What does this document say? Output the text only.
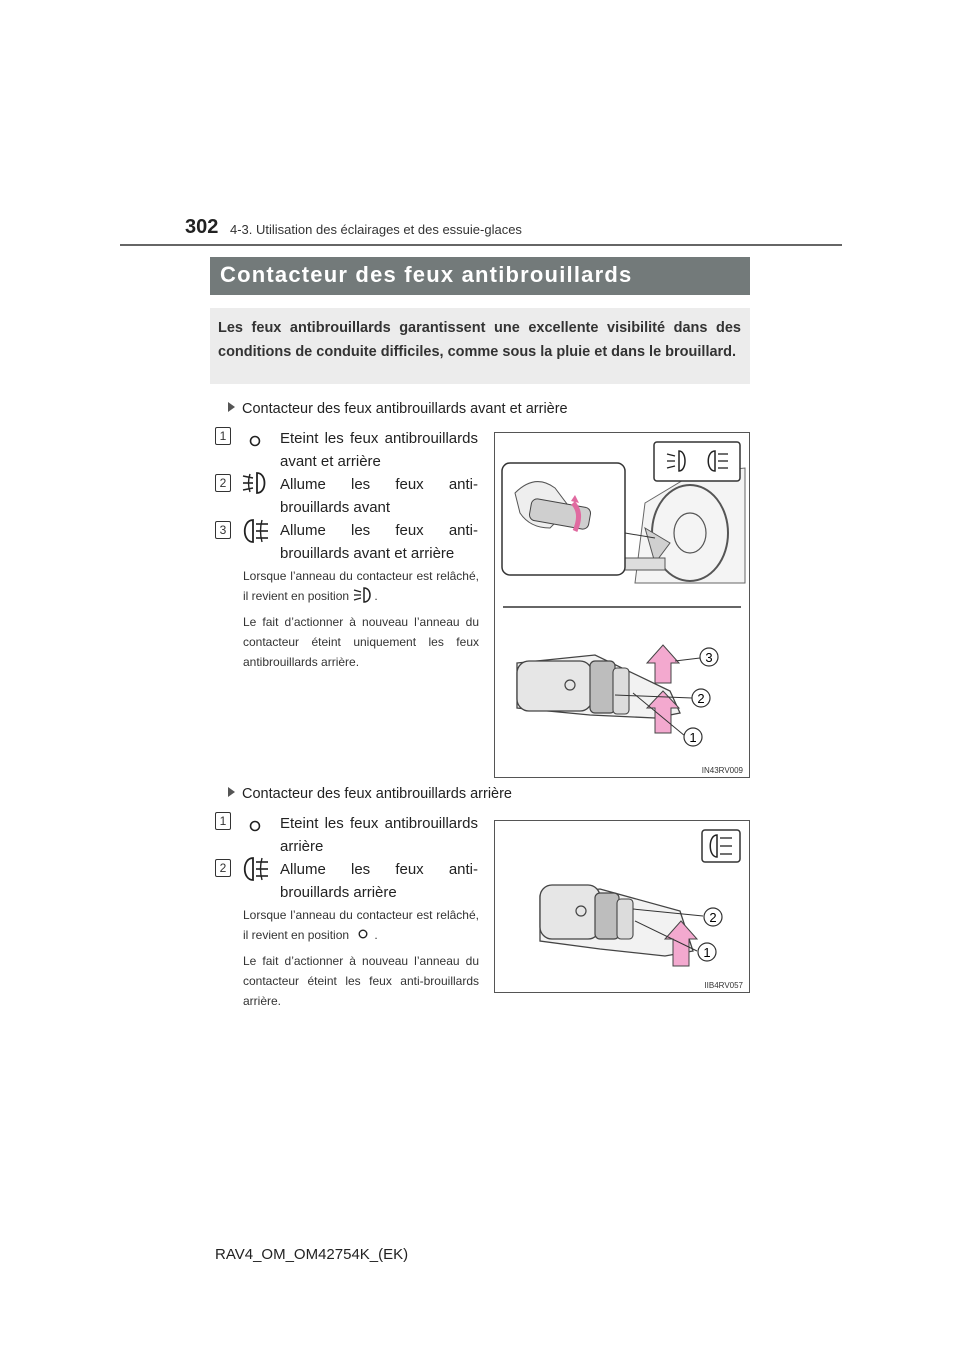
302 4-3. Utilisation des éclairages et des essuie-glaces
Contacteur des feux antibrouillards

Les feux antibrouillards garantissent une excellente visibilité dans des conditions de conduite difficiles, comme sous la pluie et dans le brouillard.

Contacteur des feux antibrouillards avant et arrière
1	Eteint les feux antibrouillards avant et arrière
2	Allume les feux anti-brouillards avant
3	Allume les feux anti-brouillards avant et arrière
Lorsque l’anneau du contacteur est relâché, il revient en position .
Le fait d’actionner à nouveau l’anneau du contacteur éteint uniquement les feux antibrouillards arrière.	3
2
1
IN43RV009
Contacteur des feux antibrouillards arrière
1	Eteint les feux antibrouillards arrière
2	Allume les feux anti-brouillards arrière
Lorsque l’anneau du contacteur est relâché, il revient en position .
Le fait d’actionner à nouveau l’anneau du contacteur éteint les feux anti-brouillards arrière.
2
1
IIB4RV057
RAV4_OM_OM42754K_(EK)
